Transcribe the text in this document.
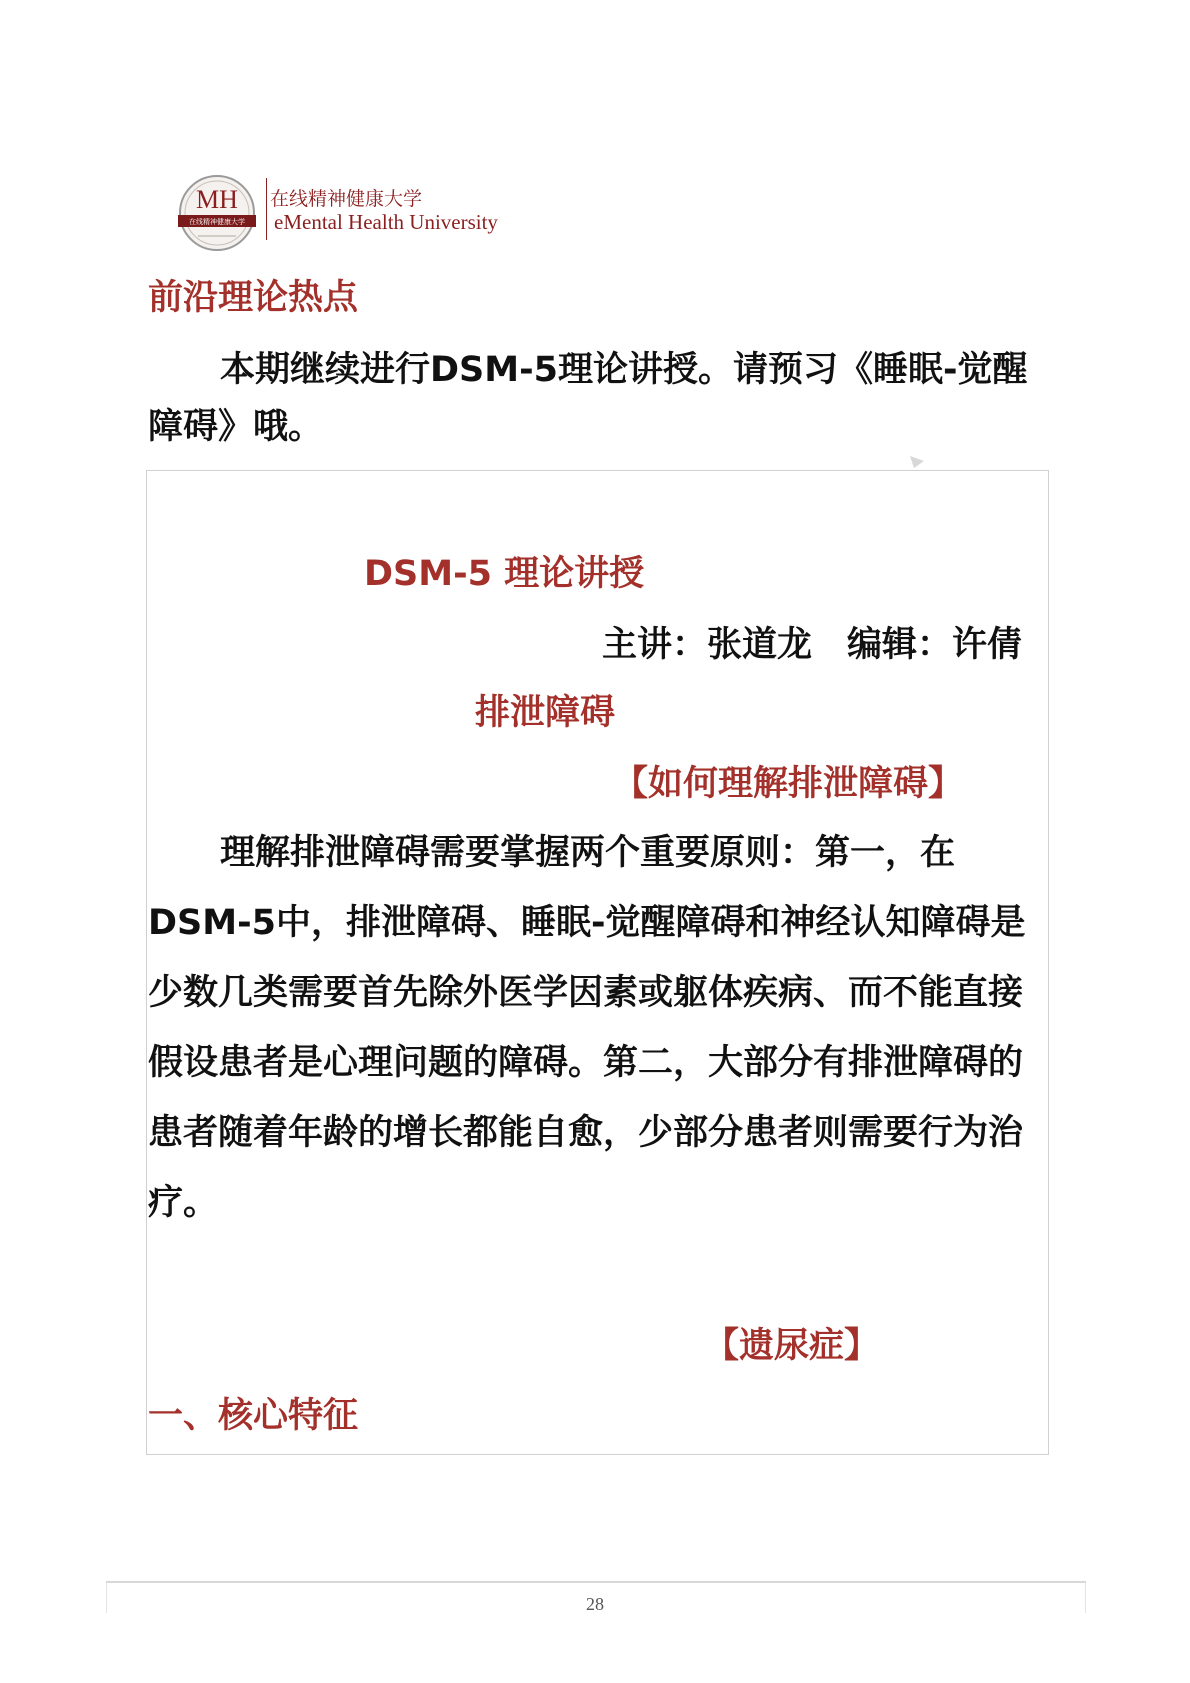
MH
在线精神健康大学
在线精神健康大学
eMental Health University
前沿理论热点

本期继续进行DSM-5理论讲授。请预习《睡眠-觉醒障碍》哦。

DSM-5 理论讲授
主讲：张道龙　编辑：许倩
排泄障碍
【如何理解排泄障碍】

理解排泄障碍需要掌握两个重要原则：第一，在DSM-5中，排泄障碍、睡眠-觉醒障碍和神经认知障碍是少数几类需要首先除外医学因素或躯体疾病、而不能直接假设患者是心理问题的障碍。第二，大部分有排泄障碍的患者随着年龄的增长都能自愈，少部分患者则需要行为治疗。

【遗尿症】
一、核心特征
28
